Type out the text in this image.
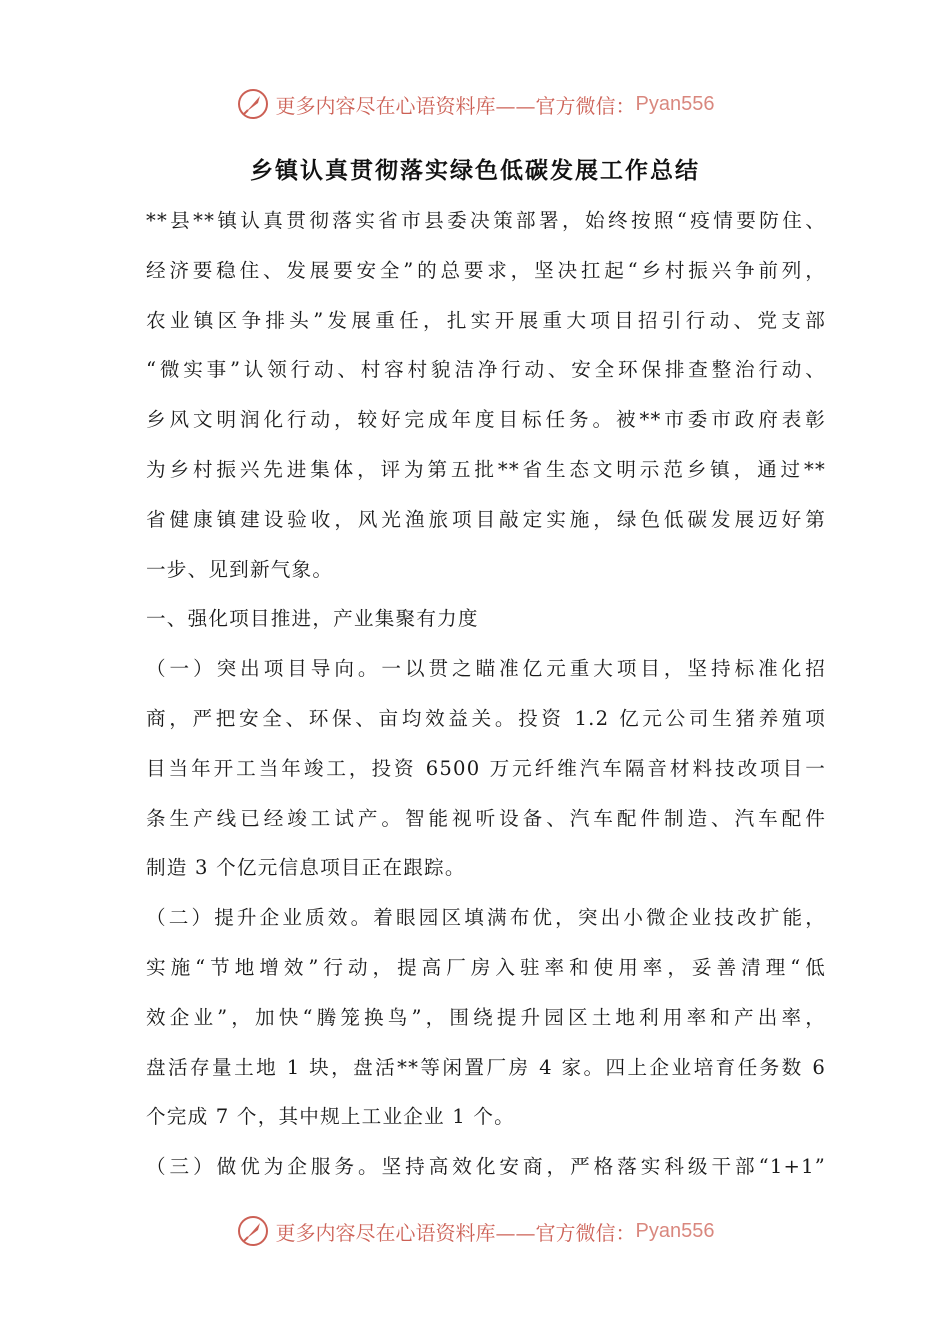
更多内容尽在心语资料库——官方微信： Pyan556
乡镇认真贯彻落实绿色低碳发展工作总结
**县**镇认真贯彻落实省市县委决策部署，始终按照“疫情要防住、
经济要稳住、发展要安全”的总要求，坚决扛起“乡村振兴争前列，
农业镇区争排头”发展重任，扎实开展重大项目招引行动、党支部
“微实事”认领行动、村容村貌洁净行动、安全环保排查整治行动、
乡风文明润化行动，较好完成年度目标任务。被**市委市政府表彰
为乡村振兴先进集体，评为第五批**省生态文明示范乡镇，通过**
省健康镇建设验收，风光渔旅项目敲定实施，绿色低碳发展迈好第
一步、见到新气象。
一、强化项目推进，产业集聚有力度
（一）突出项目导向。一以贯之瞄准亿元重大项目，坚持标准化招
商，严把安全、环保、亩均效益关。投资 1.2 亿元公司生猪养殖项
目当年开工当年竣工，投资 6500 万元纤维汽车隔音材料技改项目一
条生产线已经竣工试产。智能视听设备、汽车配件制造、汽车配件
制造 3 个亿元信息项目正在跟踪。
（二）提升企业质效。着眼园区填满布优，突出小微企业技改扩能，
实施“节地增效”行动，提高厂房入驻率和使用率，妥善清理“低
效企业”，加快“腾笼换鸟”，围绕提升园区土地利用率和产出率，
盘活存量土地 1 块，盘活**等闲置厂房 4 家。四上企业培育任务数 6
个完成 7 个，其中规上工业企业 1 个。
（三）做优为企服务。坚持高效化安商，严格落实科级干部“1+1”
更多内容尽在心语资料库——官方微信： Pyan556
